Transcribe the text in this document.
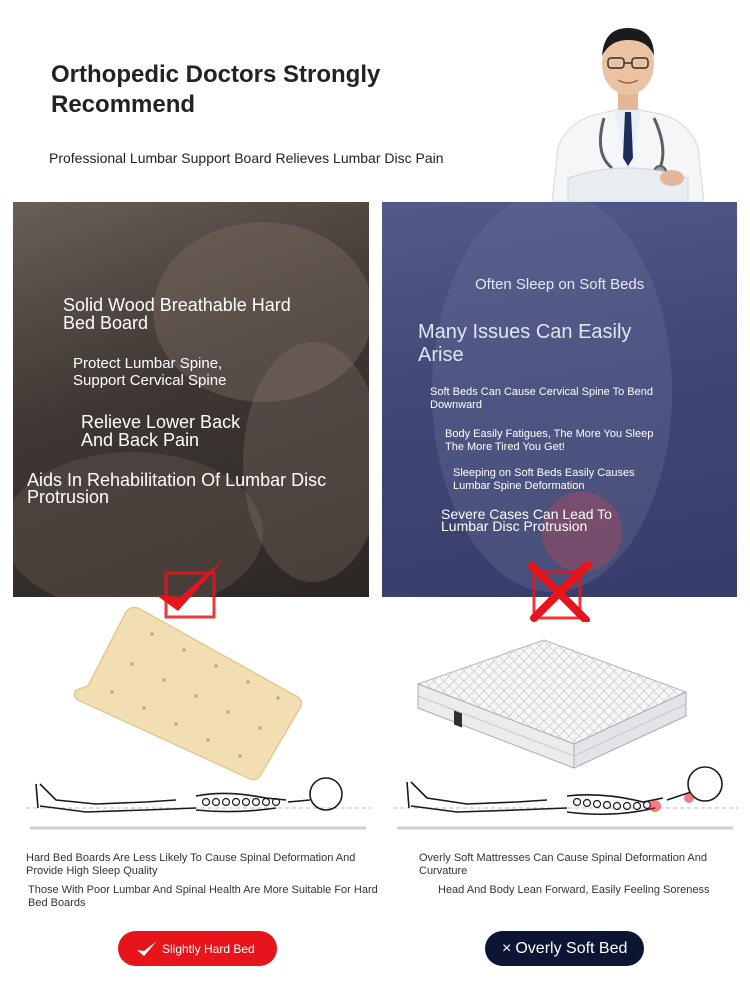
Orthopedic Doctors Strongly Recommend

Professional Lumbar Support Board Relieves Lumbar Disc Pain

Solid Wood Breathable Hard Bed Board
Protect Lumbar Spine, Support Cervical Spine
Relieve Lower Back And Back Pain
Aids In Rehabilitation Of Lumbar Disc Protrusion
Often Sleep on Soft Beds
Many Issues Can Easily Arise
Soft Beds Can Cause Cervical Spine To Bend Downward
Body Easily Fatigues, The More You Sleep The More Tired You Get!
Sleeping on Soft Beds Easily Causes Lumbar Spine Deformation
Severe Cases Can Lead To Lumbar Disc Protrusion

Hard Bed Boards Are Less Likely To Cause Spinal Deformation And Provide High Sleep Quality

Those With Poor Lumbar And Spinal Health Are More Suitable For Hard Bed Boards

Overly Soft Mattresses Can Cause Spinal Deformation And Curvature

Head And Body Lean Forward, Easily Feeling Soreness

Slightly Hard Bed	× Overly Soft Bed
